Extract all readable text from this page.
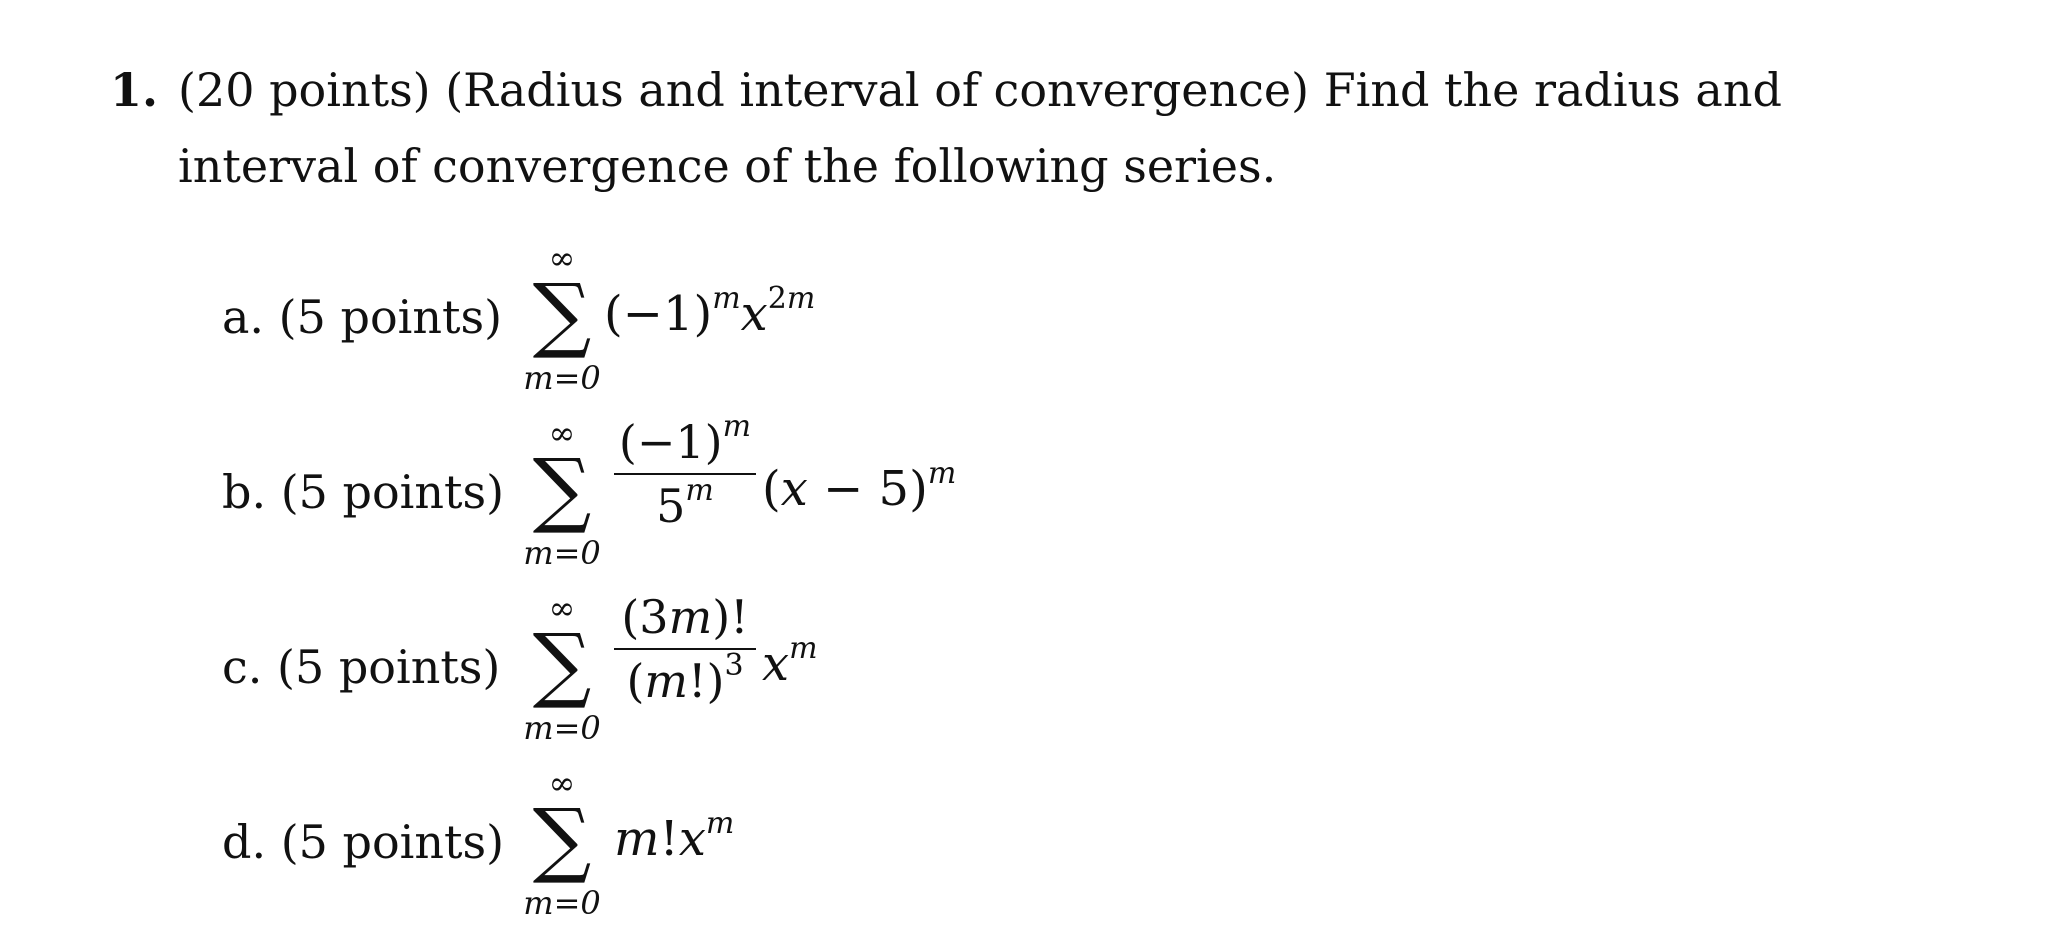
1. (20 points) (Radius and interval of convergence) Find the radius and
interval of convergence of the following series.
a. (5 points)
∞
∑
m=0
$(-1)^mx^{2m}$
b. (5 points)
∞
∑
m=0
$(-1)^m$
5$^m$	$(x - 5)^m$
c. (5 points)
∞
∑
m=0
(3m)!
$(m!)^3$ $x^m$
d. (5 points)
∞
∑
m=0
$m!x^m$
